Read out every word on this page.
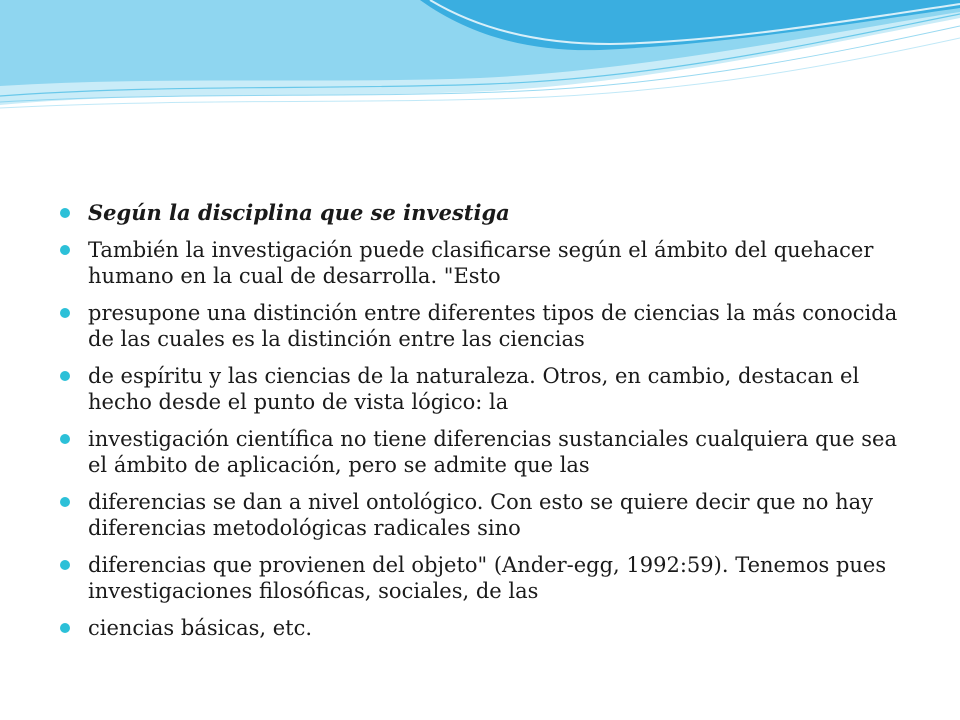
Según la disciplina que se investiga
También la investigación puede clasificarse según el ámbito del quehacer humano en la cual de desarrolla. "Esto
presupone una distinción entre diferentes tipos de ciencias la más conocida de las cuales es la distinción entre las ciencias
de espíritu y las ciencias de la naturaleza. Otros, en cambio, destacan el hecho desde el punto de vista lógico: la
investigación científica no tiene diferencias sustanciales cualquiera que sea el ámbito de aplicación, pero se admite que las
diferencias se dan a nivel ontológico. Con esto se quiere decir que no hay diferencias metodológicas radicales sino
diferencias que provienen del objeto" (Ander-egg, 1992:59). Tenemos pues investigaciones filosóficas, sociales, de las
ciencias básicas, etc.
